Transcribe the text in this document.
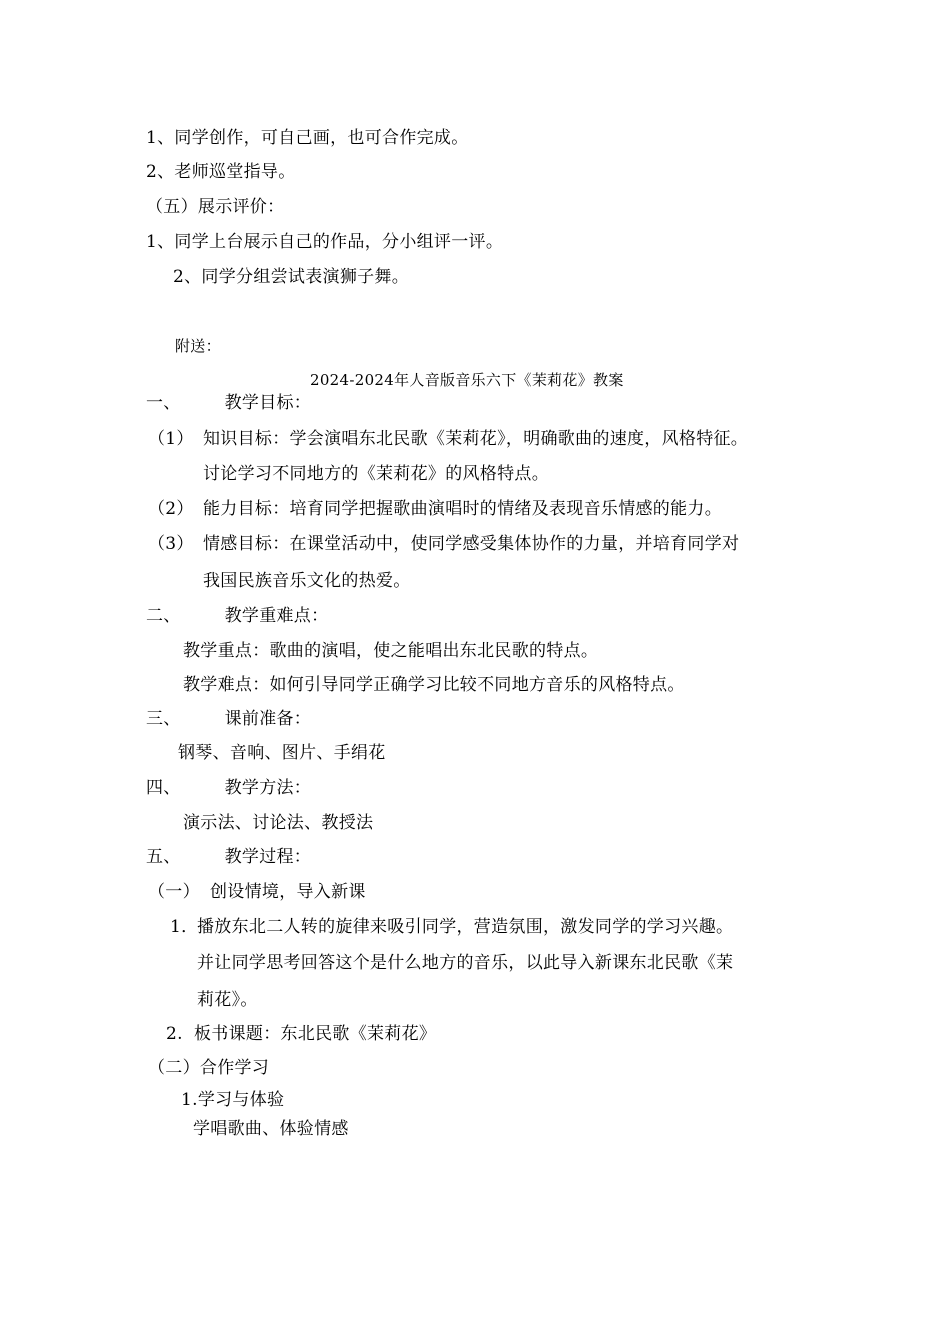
1、同学创作，可自己画，也可合作完成。
2、老师巡堂指导。
（五）展示评价：
1、同学上台展示自己的作品，分小组评一评。
2、同学分组尝试表演狮子舞。
附送：
2024-2024年人音版音乐六下《茉莉花》教案
一、	教学目标：
（1） 知识目标：学会演唱东北民歌《茉莉花》，明确歌曲的速度，风格特征。
讨论学习不同地方的《茉莉花》的风格特点。
（2） 能力目标：培育同学把握歌曲演唱时的情绪及表现音乐情感的能力。
（3） 情感目标：在课堂活动中，使同学感受集体协作的力量，并培育同学对
我国民族音乐文化的热爱。
二、	教学重难点：
教学重点：歌曲的演唱，使之能唱出东北民歌的特点。
教学难点：如何引导同学正确学习比较不同地方音乐的风格特点。
三、	课前准备：
钢琴、音响、图片、手绢花
四、	教学方法：
演示法、讨论法、教授法
五、	教学过程：
（一） 创设情境，导入新课
1．播放东北二人转的旋律来吸引同学，营造氛围，激发同学的学习兴趣。
并让同学思考回答这个是什么地方的音乐，以此导入新课东北民歌《茉
莉花》。
2. 板书课题：东北民歌《茉莉花》
（二）合作学习
1.学习与体验
学唱歌曲、体验情感
